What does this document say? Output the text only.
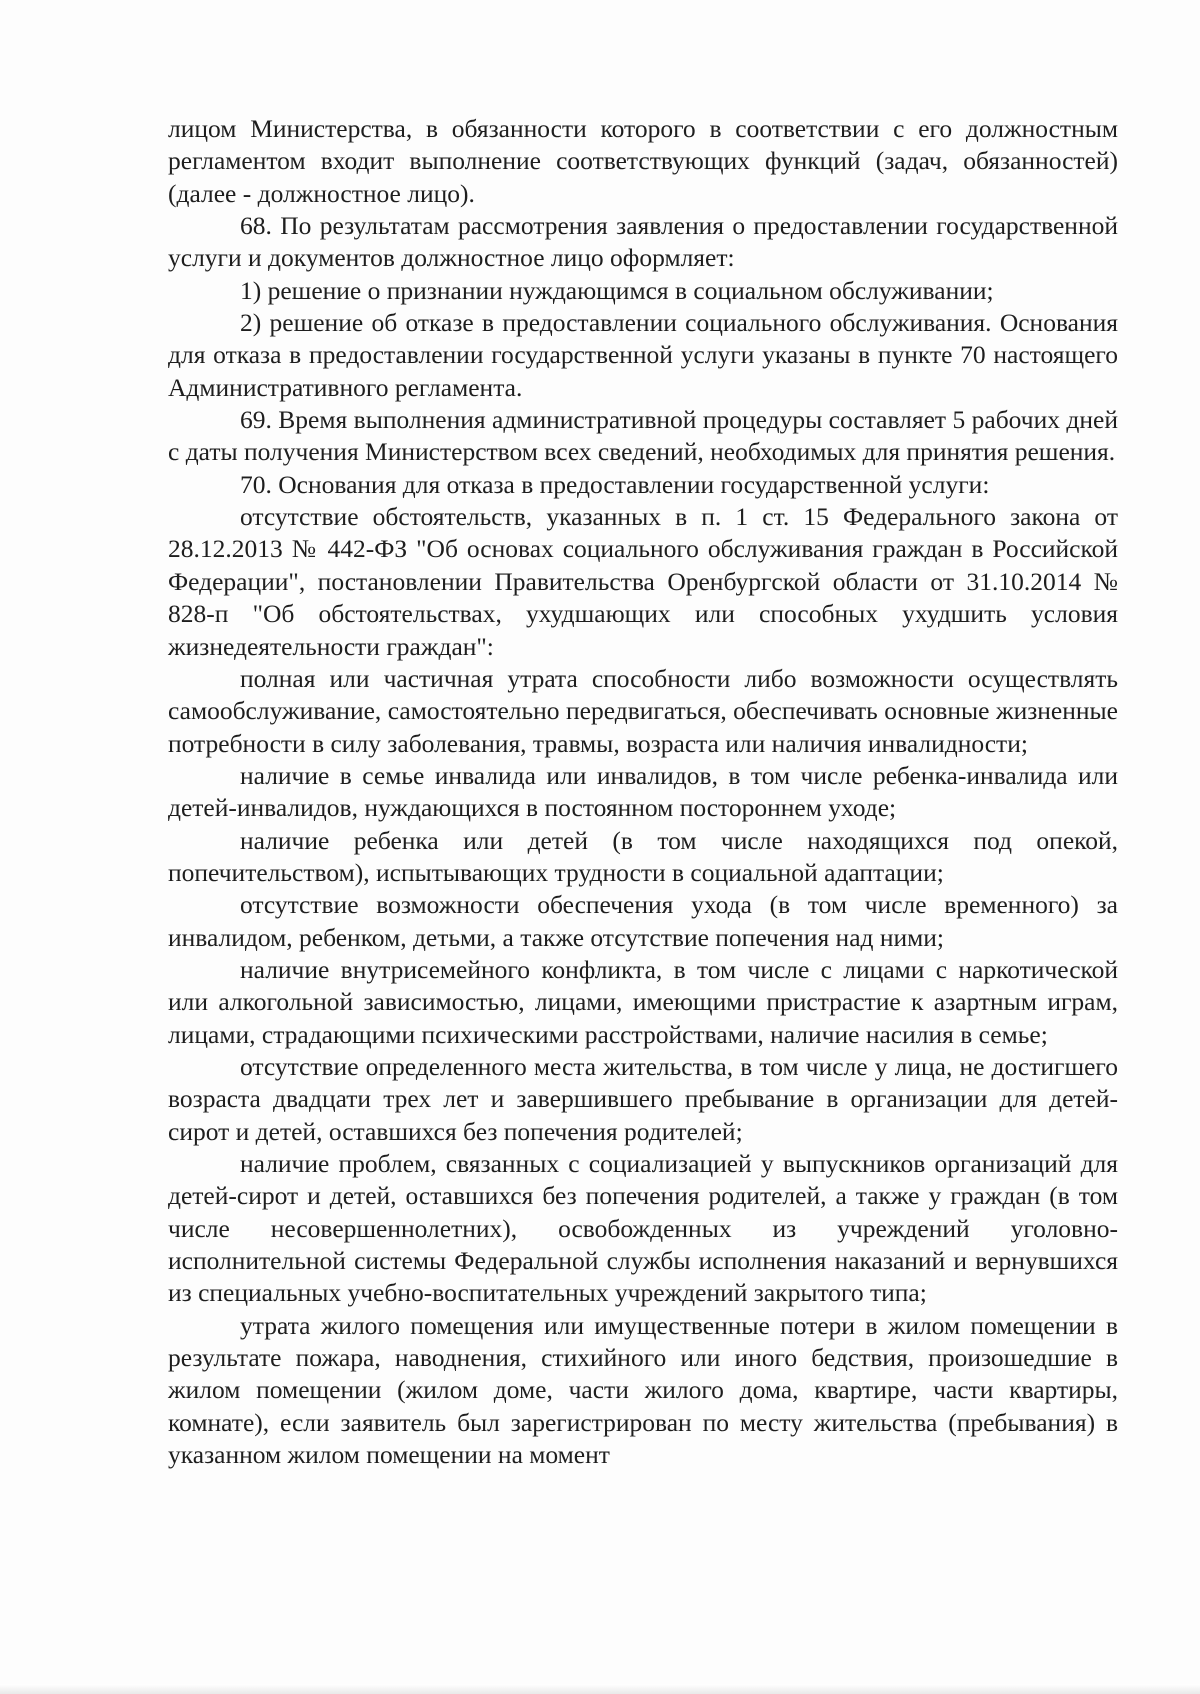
лицом Министерства, в обязанности которого в соответствии с его должностным регламентом входит выполнение соответствующих функций (задач, обязанностей) (далее - должностное лицо).

68. По результатам рассмотрения заявления о предоставлении государственной услуги и документов должностное лицо оформляет:

1) решение о признании нуждающимся в социальном обслуживании;

2) решение об отказе в предоставлении социального обслуживания. Основания для отказа в предоставлении государственной услуги указаны в пункте 70 настоящего Административного регламента.

69. Время выполнения административной процедуры составляет 5 рабочих дней с даты получения Министерством всех сведений, необходимых для принятия решения.

70. Основания для отказа в предоставлении государственной услуги:

отсутствие обстоятельств, указанных в п. 1 ст. 15 Федерального закона от 28.12.2013 № 442-ФЗ "Об основах социального обслуживания граждан в Российской Федерации", постановлении Правительства Оренбургской области от 31.10.2014 № 828-п "Об обстоятельствах, ухудшающих или способных ухудшить условия жизнедеятельности граждан":

полная или частичная утрата способности либо возможности осуществлять самообслуживание, самостоятельно передвигаться, обеспечивать основные жизненные потребности в силу заболевания, травмы, возраста или наличия инвалидности;

наличие в семье инвалида или инвалидов, в том числе ребенка-инвалида или детей-инвалидов, нуждающихся в постоянном постороннем уходе;

наличие ребенка или детей (в том числе находящихся под опекой, попечительством), испытывающих трудности в социальной адаптации;

отсутствие возможности обеспечения ухода (в том числе временного) за инвалидом, ребенком, детьми, а также отсутствие попечения над ними;

наличие внутрисемейного конфликта, в том числе с лицами с наркотической или алкогольной зависимостью, лицами, имеющими пристрастие к азартным играм, лицами, страдающими психическими расстройствами, наличие насилия в семье;

отсутствие определенного места жительства, в том числе у лица, не достигшего возраста двадцати трех лет и завершившего пребывание в организации для детей-сирот и детей, оставшихся без попечения родителей;

наличие проблем, связанных с социализацией у выпускников организаций для детей-сирот и детей, оставшихся без попечения родителей, а также у граждан (в том числе несовершеннолетних), освобожденных из учреждений уголовно-исполнительной системы Федеральной службы исполнения наказаний и вернувшихся из специальных учебно-воспитательных учреждений закрытого типа;

утрата жилого помещения или имущественные потери в жилом помещении в результате пожара, наводнения, стихийного или иного бедствия, произошедшие в жилом помещении (жилом доме, части жилого дома, квартире, части квартиры, комнате), если заявитель был зарегистрирован по месту жительства (пребывания) в указанном жилом помещении на момент
